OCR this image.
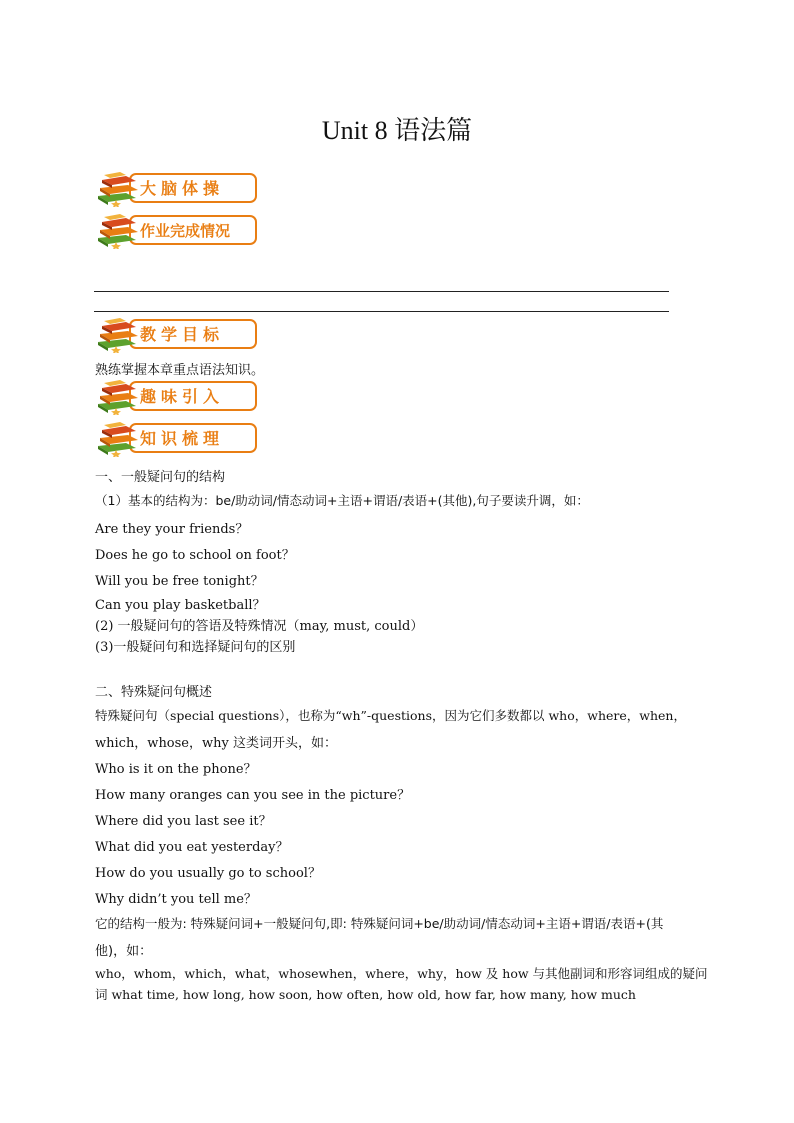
Unit 8 语法篇
大脑体操
作业完成情况
教学目标
熟练掌握本章重点语法知识。
趣味引入
知识梳理
一、一般疑问句的结构
（1）基本的结构为：be/助动词/情态动词+主语+谓语/表语+(其他),句子要读升调，如：
Are they your friends？
Does he go to school on foot？
Will you be free tonight？
Can you play basketball？
(2) 一般疑问句的答语及特殊情况（may, must, could）
(3)一般疑问句和选择疑问句的区别
二、特殊疑问句概述
特殊疑问句（special questions），也称为“wh”-questions，因为它们多数都以 who，where，when，
which，whose，why 这类词开头，如：
Who is it on the phone？
How many oranges can you see in the picture？
Where did you last see it？
What did you eat yesterday？
How do you usually go to school？
Why didn’t you tell me？
它的结构一般为: 特殊疑问词+一般疑问句,即: 特殊疑问词+be/助动词/情态动词+主语+谓语/表语+(其
他)，如：
who，whom，which，what，whosewhen，where，why，how 及 how 与其他副词和形容词组成的疑问
词 what time, how long, how soon, how often, how old, how far, how many, how much
